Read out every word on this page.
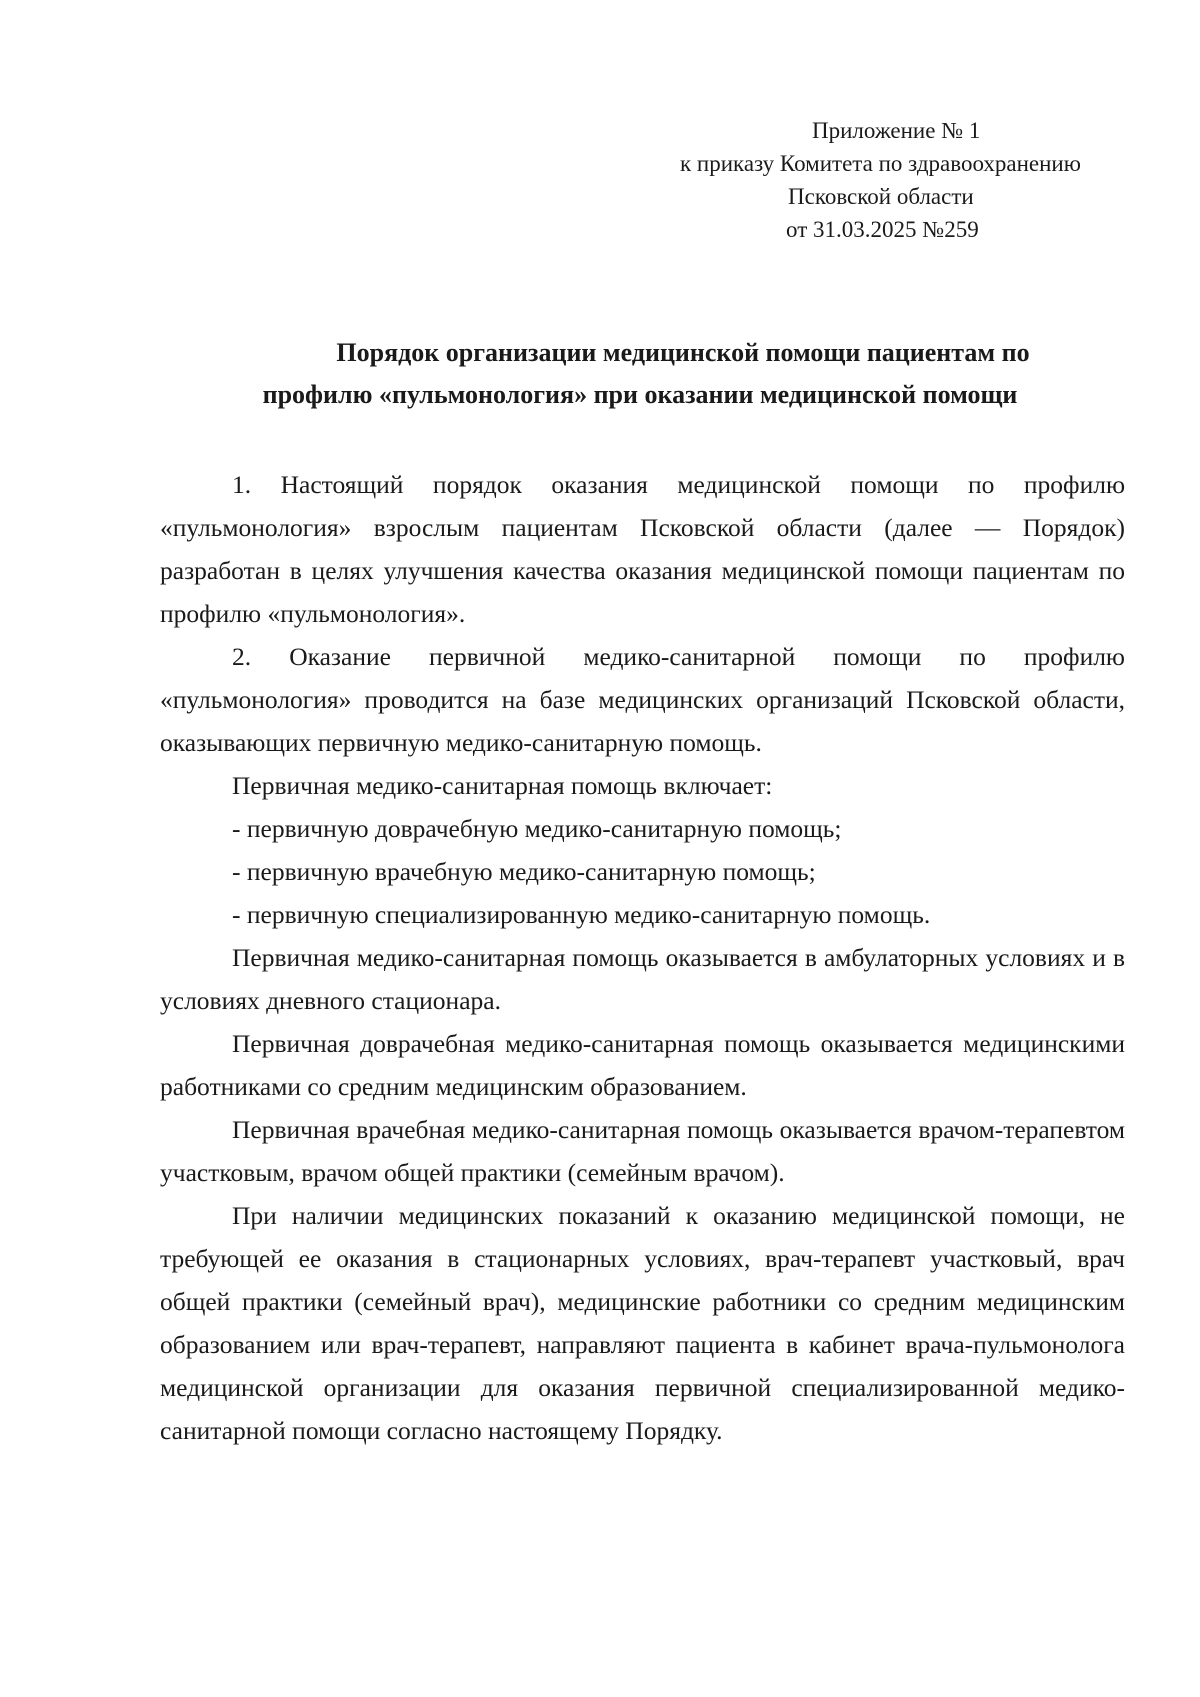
Приложение № 1
к приказу Комитета по здравоохранению
Псковской области
от 31.03.2025 №259
Порядок организации медицинской помощи пациентам по
профилю «пульмонология» при оказании медицинской помощи

1. Настоящий порядок оказания медицинской помощи по профилю «пульмонология» взрослым пациентам Псковской области (далее — Порядок) разработан в целях улучшения качества оказания медицинской помощи пациентам по профилю «пульмонология».

2. Оказание первичной медико-санитарной помощи по профилю «пульмонология» проводится на базе медицинских организаций Псковской области, оказывающих первичную медико-санитарную помощь.

Первичная медико-санитарная помощь включает:

- первичную доврачебную медико-санитарную помощь;

- первичную врачебную медико-санитарную помощь;

- первичную специализированную медико-санитарную помощь.

Первичная медико-санитарная помощь оказывается в амбулаторных условиях и в условиях дневного стационара.

Первичная доврачебная медико-санитарная помощь оказывается медицинскими работниками со средним медицинским образованием.

Первичная врачебная медико-санитарная помощь оказывается врачом-терапевтом участковым, врачом общей практики (семейным врачом).

При наличии медицинских показаний к оказанию медицинской помощи, не требующей ее оказания в стационарных условиях, врач-терапевт участковый, врач общей практики (семейный врач), медицинские работники со средним медицинским образованием или врач-терапевт, направляют пациента в кабинет врача-пульмонолога медицинской организации для оказания первичной специализированной медико-санитарной помощи согласно настоящему Порядку.
